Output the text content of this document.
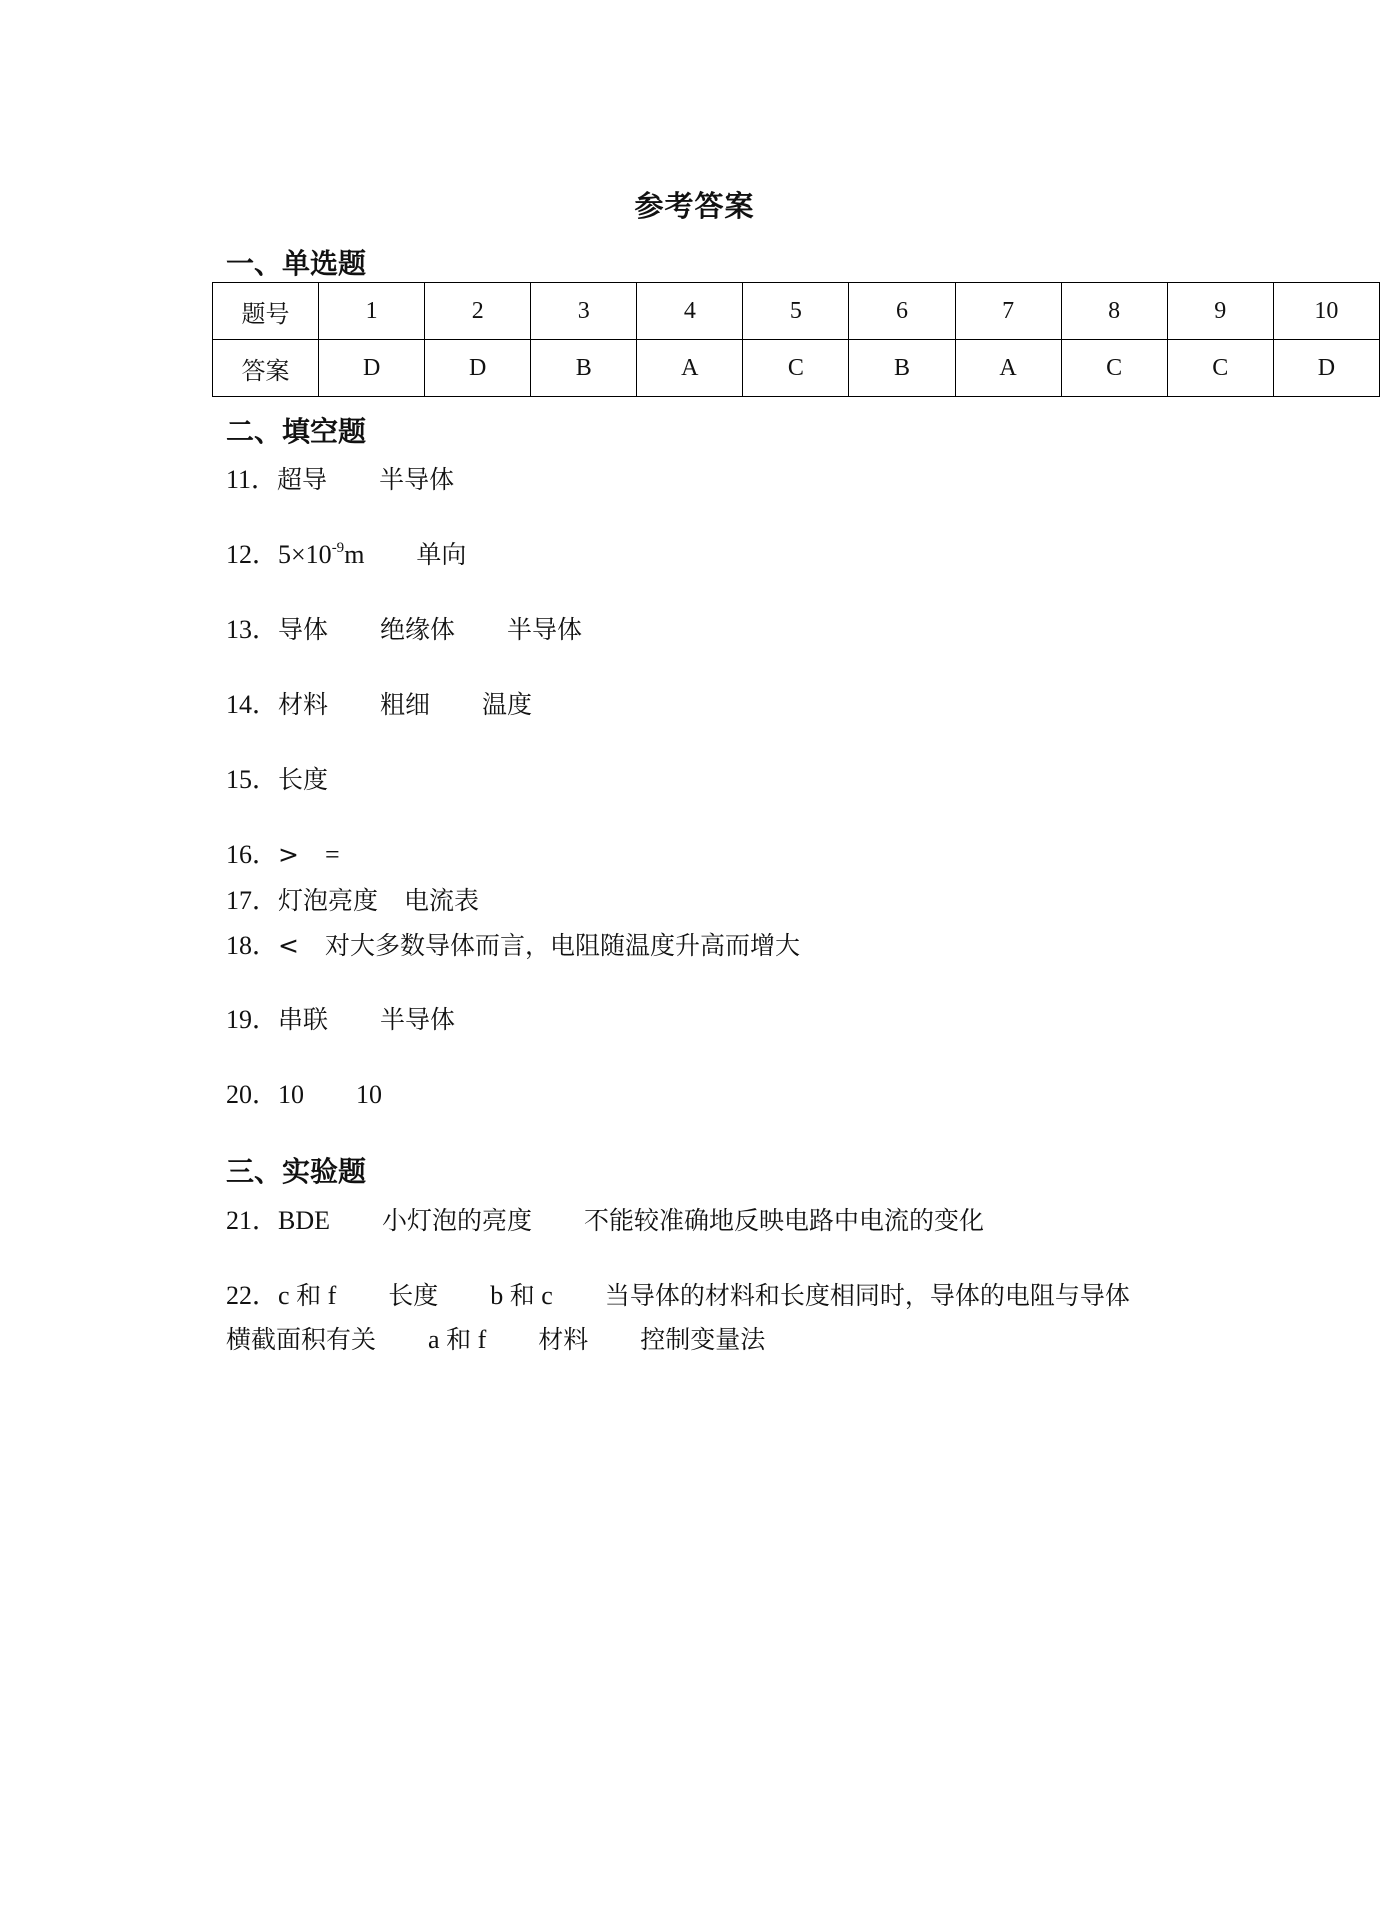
参考答案
一、单选题
题号	1	2	3	4	5	6	7	8	9	10
答案	D	D	B	A	C	B	A	C	C	D
二、填空题
11．超导 半导体
12．$5\times 10^{-9}m$ 单向
13．导体 绝缘体 半导体
14．材料 粗细 温度
15．长度
16．> =
17．灯泡亮度 电流表
18．< 对大多数导体而言，电阻随温度升高而增大
19．串联 半导体
20．10 10
三、实验题
21．BDE 小灯泡的亮度 不能较准确地反映电路中电流的变化
22．c 和 f 长度 b 和 c 当导体的材料和长度相同时，导体的电阻与导体
横截面积有关 a 和 f 材料 控制变量法
